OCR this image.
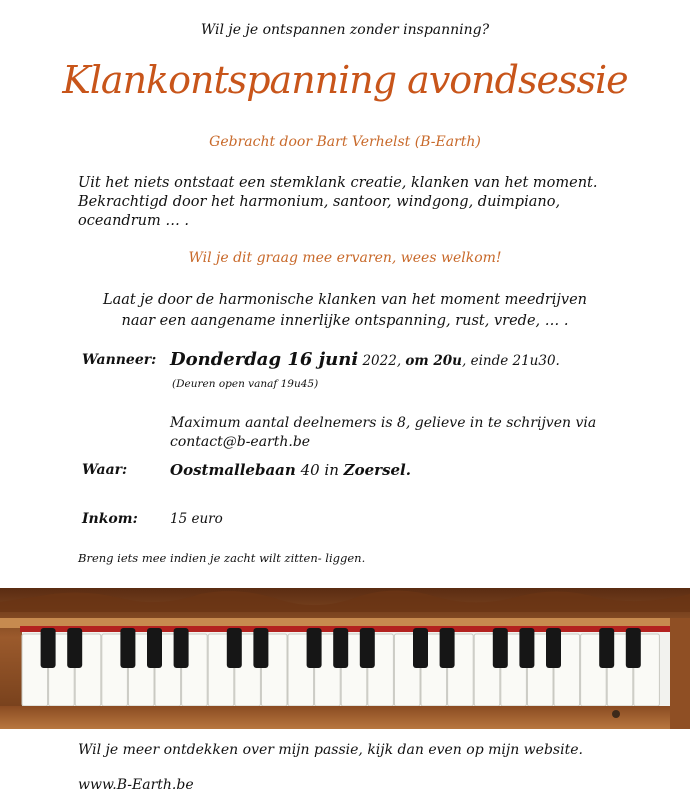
Wil je je ontspannen zonder inspanning?
Klankontspanning avondsessie
Gebracht door Bart Verhelst (B-Earth)
Uit het niets ontstaat een stemklank creatie, klanken van het moment. Bekrachtigd door het harmonium, santoor, windgong, duimpiano, oceandrum … .
Wil je dit graag mee ervaren, wees welkom!
Laat je door de harmonische klanken van het moment meedrijven
naar een aangename innerlijke ontspanning, rust, vrede, … .
Wanneer: Donderdag 16 juni 2022, om 20u, einde 21u30.
(Deuren open vanaf 19u45)
Maximum aantal deelnemers is 8, gelieve in te schrijven via contact@b-earth.be
Waar:	Oostmallebaan 40 in Zoersel.
Inkom: 15 euro
Breng iets mee indien je zacht wilt zitten- liggen.
Wil je meer ontdekken over mijn passie, kijk dan even op mijn website.
www.B-Earth.be
